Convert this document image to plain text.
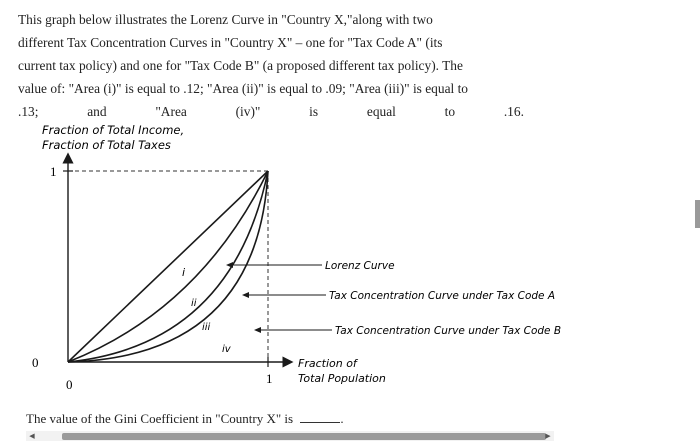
This graph below illustrates the Lorenz Curve in "Country X,"along with two
different Tax Concentration Curves in "Country X" – one for "Tax Code A" (its
current tax policy) and one for "Tax Code B" (a proposed different tax policy). The
value of: "Area (i)" is equal to .12; "Area (ii)" is equal to .09; "Area (iii)" is equal to
.13;	and	"Area	(iv)"	is	equal	to	.16.
i
ii
iii
iv
Fraction of Total Income,
Fraction of Total Taxes
1
0
0	1
Fraction of
Total Population
Lorenz Curve
Tax Concentration Curve under Tax Code A
Tax Concentration Curve under Tax Code B
The value of the Gini Coefficient in "Country X" is	.
◀	▶
